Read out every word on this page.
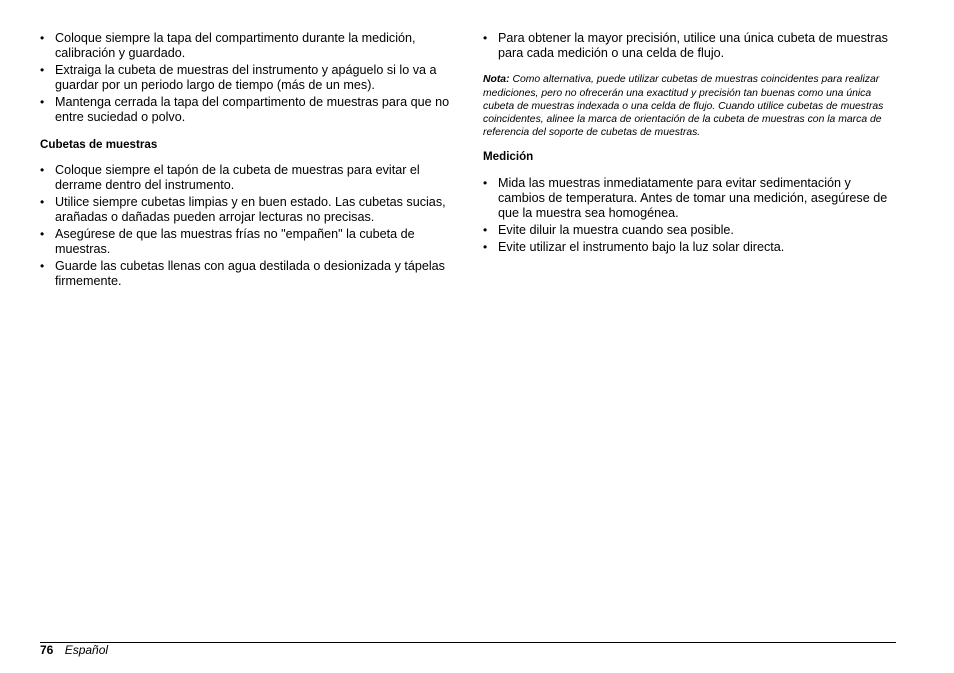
• Coloque siempre la tapa del compartimento durante la medición, calibración y guardado.
• Extraiga la cubeta de muestras del instrumento y apáguelo si lo va a guardar por un periodo largo de tiempo (más de un mes).
• Mantenga cerrada la tapa del compartimento de muestras para que no entre suciedad o polvo.

Cubetas de muestras

• Coloque siempre el tapón de la cubeta de muestras para evitar el derrame dentro del instrumento.
• Utilice siempre cubetas limpias y en buen estado. Las cubetas sucias, arañadas o dañadas pueden arrojar lecturas no precisas.
• Asegúrese de que las muestras frías no "empañen" la cubeta de muestras.
• Guarde las cubetas llenas con agua destilada o desionizada y tápelas firmemente.
• Para obtener la mayor precisión, utilice una única cubeta de muestras para cada medición o una celda de flujo.
Nota: Como alternativa, puede utilizar cubetas de muestras coincidentes para realizar mediciones, pero no ofrecerán una exactitud y precisión tan buenas como una única cubeta de muestras indexada o una celda de flujo. Cuando utilice cubetas de muestras coincidentes, alinee la marca de orientación de la cubeta de muestras con la marca de referencia del soporte de cubetas de muestras.

Medición

• Mida las muestras inmediatamente para evitar sedimentación y cambios de temperatura. Antes de tomar una medición, asegúrese de que la muestra sea homogénea.
• Evite diluir la muestra cuando sea posible.
• Evite utilizar el instrumento bajo la luz solar directa.
76 Español
